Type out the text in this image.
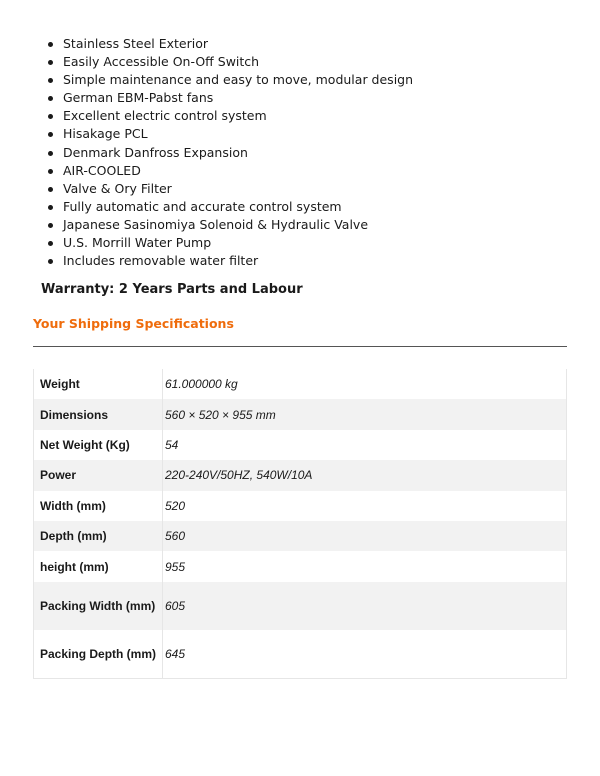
Stainless Steel Exterior
Easily Accessible On-Off Switch
Simple maintenance and easy to move, modular design
German EBM-Pabst fans
Excellent electric control system
Hisakage PCL
Denmark Danfross Expansion
AIR-COOLED
Valve & Ory Filter
Fully automatic and accurate control system
Japanese Sasinomiya Solenoid & Hydraulic Valve
U.S. Morrill Water Pump
Includes removable water filter
Warranty: 2 Years Parts and Labour
Your Shipping Specifications
Weight	61.000000 kg
Dimensions	560 × 520 × 955 mm
Net Weight (Kg)	54
Power	220-240V/50HZ, 540W/10A
Width (mm)	520
Depth (mm)	560
height (mm)	955
Packing Width (mm)	605
Packing Depth (mm)	645
